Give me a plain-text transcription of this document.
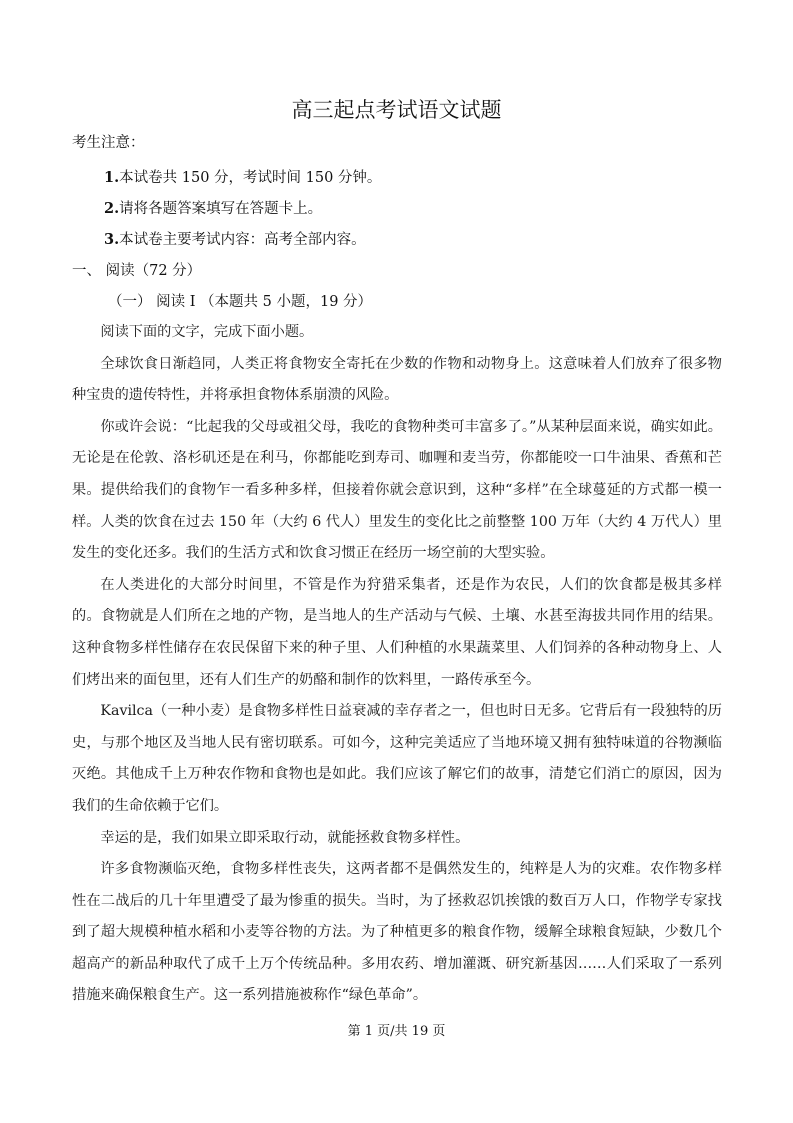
高三起点考试语文试题
考生注意：
1.本试卷共 150 分，考试时间 150 分钟。
2.请将各题答案填写在答题卡上。
3.本试卷主要考试内容：高考全部内容。
一、 阅读（72 分）
（一） 阅读 I （本题共 5 小题，19 分）

阅读下面的文字，完成下面小题。

全球饮食日渐趋同，人类正将食物安全寄托在少数的作物和动物身上。这意味着人们放弃了很多物种宝贵的遗传特性，并将承担食物体系崩溃的风险。

你或许会说：“比起我的父母或祖父母，我吃的食物种类可丰富多了。”从某种层面来说，确实如此。无论是在伦敦、洛杉矶还是在利马，你都能吃到寿司、咖喱和麦当劳，你都能咬一口牛油果、香蕉和芒果。提供给我们的食物乍一看多种多样，但接着你就会意识到，这种“多样”在全球蔓延的方式都一模一样。人类的饮食在过去 150 年（大约 6 代人）里发生的变化比之前整整 100 万年（大约 4 万代人）里发生的变化还多。我们的生活方式和饮食习惯正在经历一场空前的大型实验。

在人类进化的大部分时间里，不管是作为狩猎采集者，还是作为农民，人们的饮食都是极其多样的。食物就是人们所在之地的产物，是当地人的生产活动与气候、土壤、水甚至海拔共同作用的结果。这种食物多样性储存在农民保留下来的种子里、人们种植的水果蔬菜里、人们饲养的各种动物身上、人们烤出来的面包里，还有人们生产的奶酪和制作的饮料里，一路传承至今。

Kavilca（一种小麦）是食物多样性日益衰减的幸存者之一，但也时日无多。它背后有一段独特的历史，与那个地区及当地人民有密切联系。可如今，这种完美适应了当地环境又拥有独特味道的谷物濒临灭绝。其他成千上万种农作物和食物也是如此。我们应该了解它们的故事，清楚它们消亡的原因，因为我们的生命依赖于它们。

幸运的是，我们如果立即采取行动，就能拯救食物多样性。

许多食物濒临灭绝，食物多样性丧失，这两者都不是偶然发生的，纯粹是人为的灾难。农作物多样性在二战后的几十年里遭受了最为惨重的损失。当时，为了拯救忍饥挨饿的数百万人口，作物学专家找到了超大规模种植水稻和小麦等谷物的方法。为了种植更多的粮食作物，缓解全球粮食短缺，少数几个超高产的新品种取代了成千上万个传统品种。多用农药、增加灌溉、研究新基因……人们采取了一系列措施来确保粮食生产。这一系列措施被称作“绿色革命”。

第 1 页/共 19 页
